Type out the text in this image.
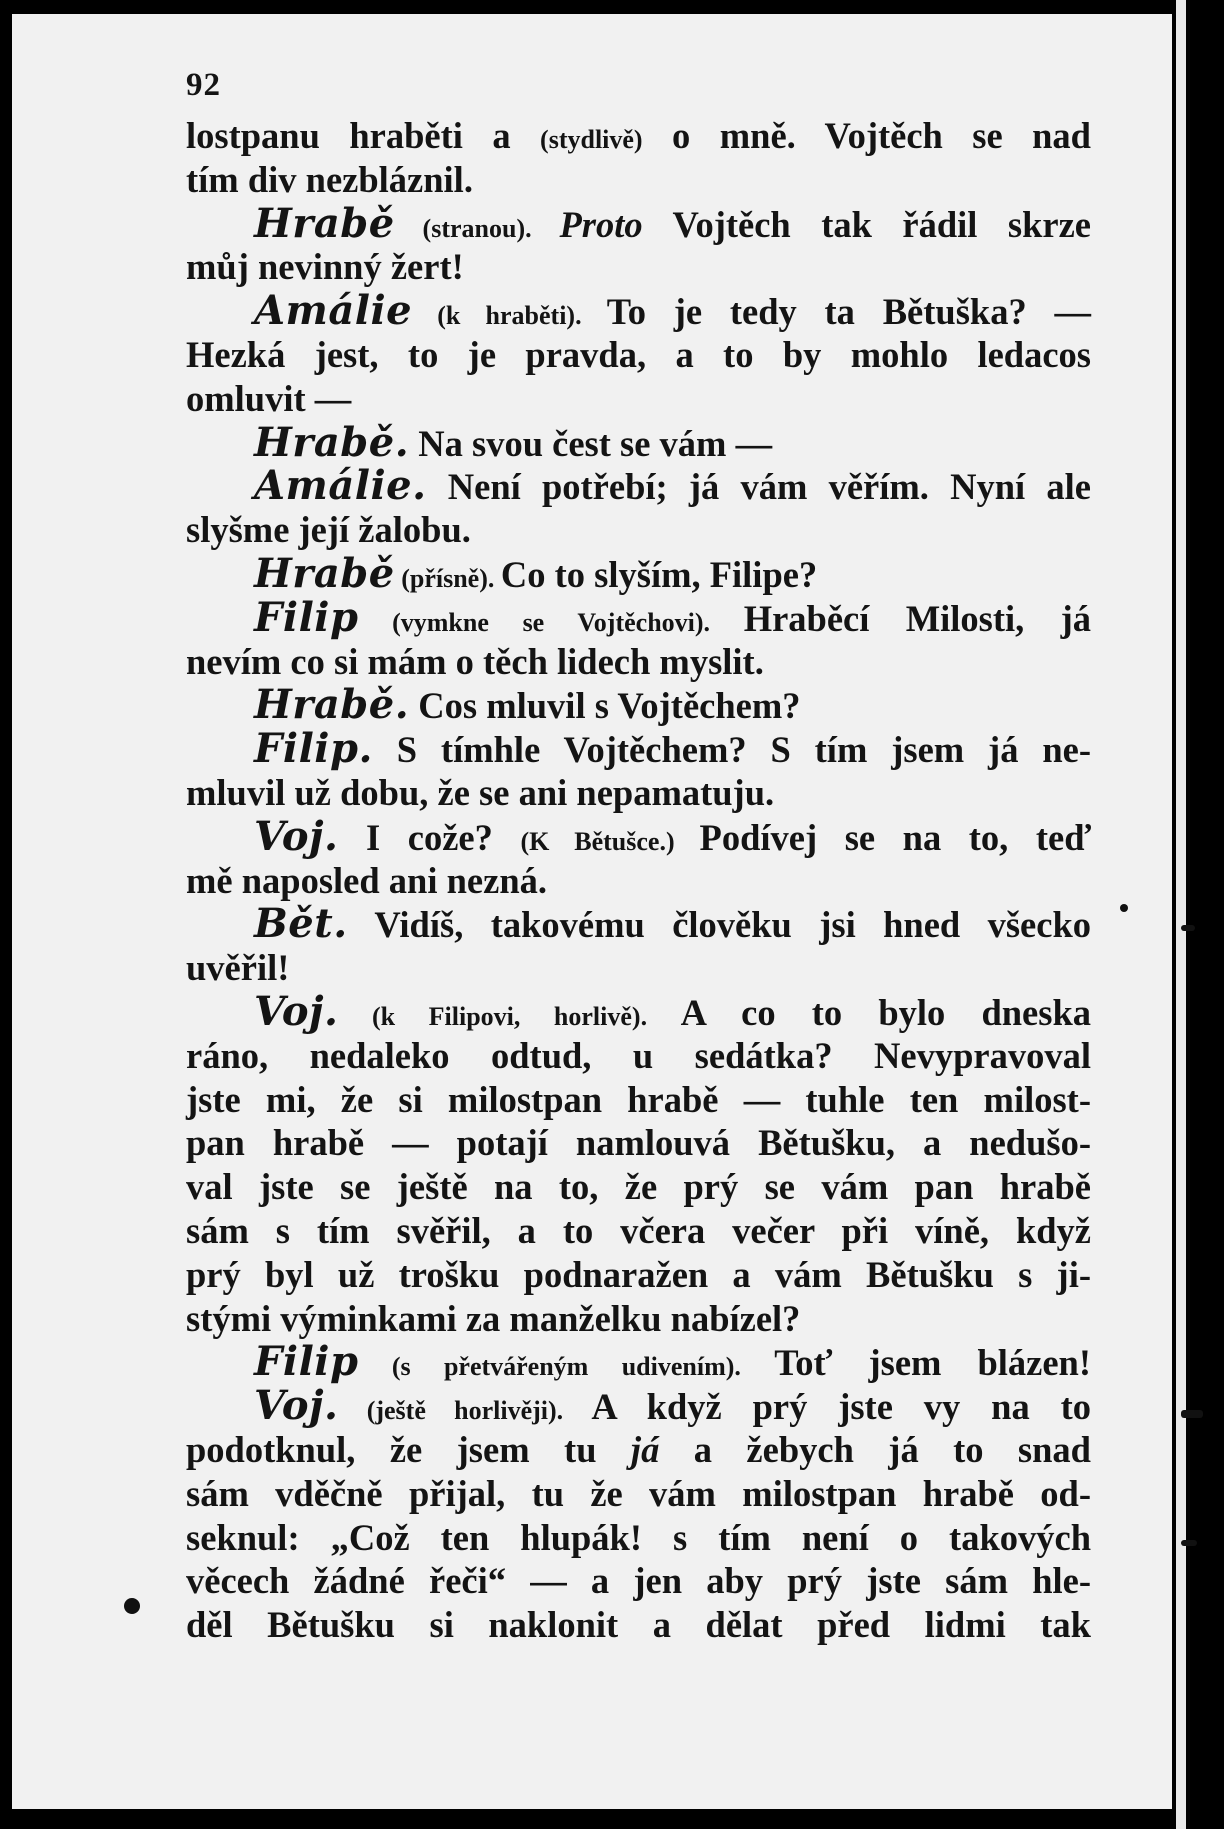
92
lostpanu hraběti a (stydlivě) o mně. Vojtěch se nad
tím div nezbláznil.
Hrabě (stranou). Proto Vojtěch tak řádil skrze
můj nevinný žert!
Amálie (k hraběti). To je tedy ta Bětuška? —
Hezká jest, to je pravda, a to by mohlo ledacos
omluvit —
Hrabě. Na svou čest se vám —
Amálie. Není potřebí; já vám věřím. Nyní ale
slyšme její žalobu.
Hrabě (přísně). Co to slyším, Filipe?
Filip (vymkne se Vojtěchovi). Hraběcí Milosti, já
nevím co si mám o těch lidech myslit.
Hrabě. Cos mluvil s Vojtěchem?
Filip. S tímhle Vojtěchem? S tím jsem já ne-
mluvil už dobu, že se ani nepamatuju.
Voj. I cože? (K Bětušce.) Podívej se na to, teď
mě naposled ani nezná.
Bět. Vidíš, takovému člověku jsi hned všecko
uvěřil!
Voj. (k Filipovi, horlivě). A co to bylo dneska
ráno, nedaleko odtud, u sedátka? Nevypravoval
jste mi, že si milostpan hrabě — tuhle ten milost-
pan hrabě — potají namlouvá Bětušku, a nedušo-
val jste se ještě na to, že prý se vám pan hrabě
sám s tím svěřil, a to včera večer při víně, když
prý byl už trošku podnaražen a vám Bětušku s ji-
stými výminkami za manželku nabízel?
Filip (s přetvářeným udivením). Toť jsem blázen!
Voj. (ještě horlivěji). A když prý jste vy na to
podotknul, že jsem tu já a žebych já to snad
sám vděčně přijal, tu že vám milostpan hrabě od-
seknul: „Což ten hlupák! s tím není o takových
věcech žádné řeči“ — a jen aby prý jste sám hle-
děl Bětušku si naklonit a dělat před lidmi tak
